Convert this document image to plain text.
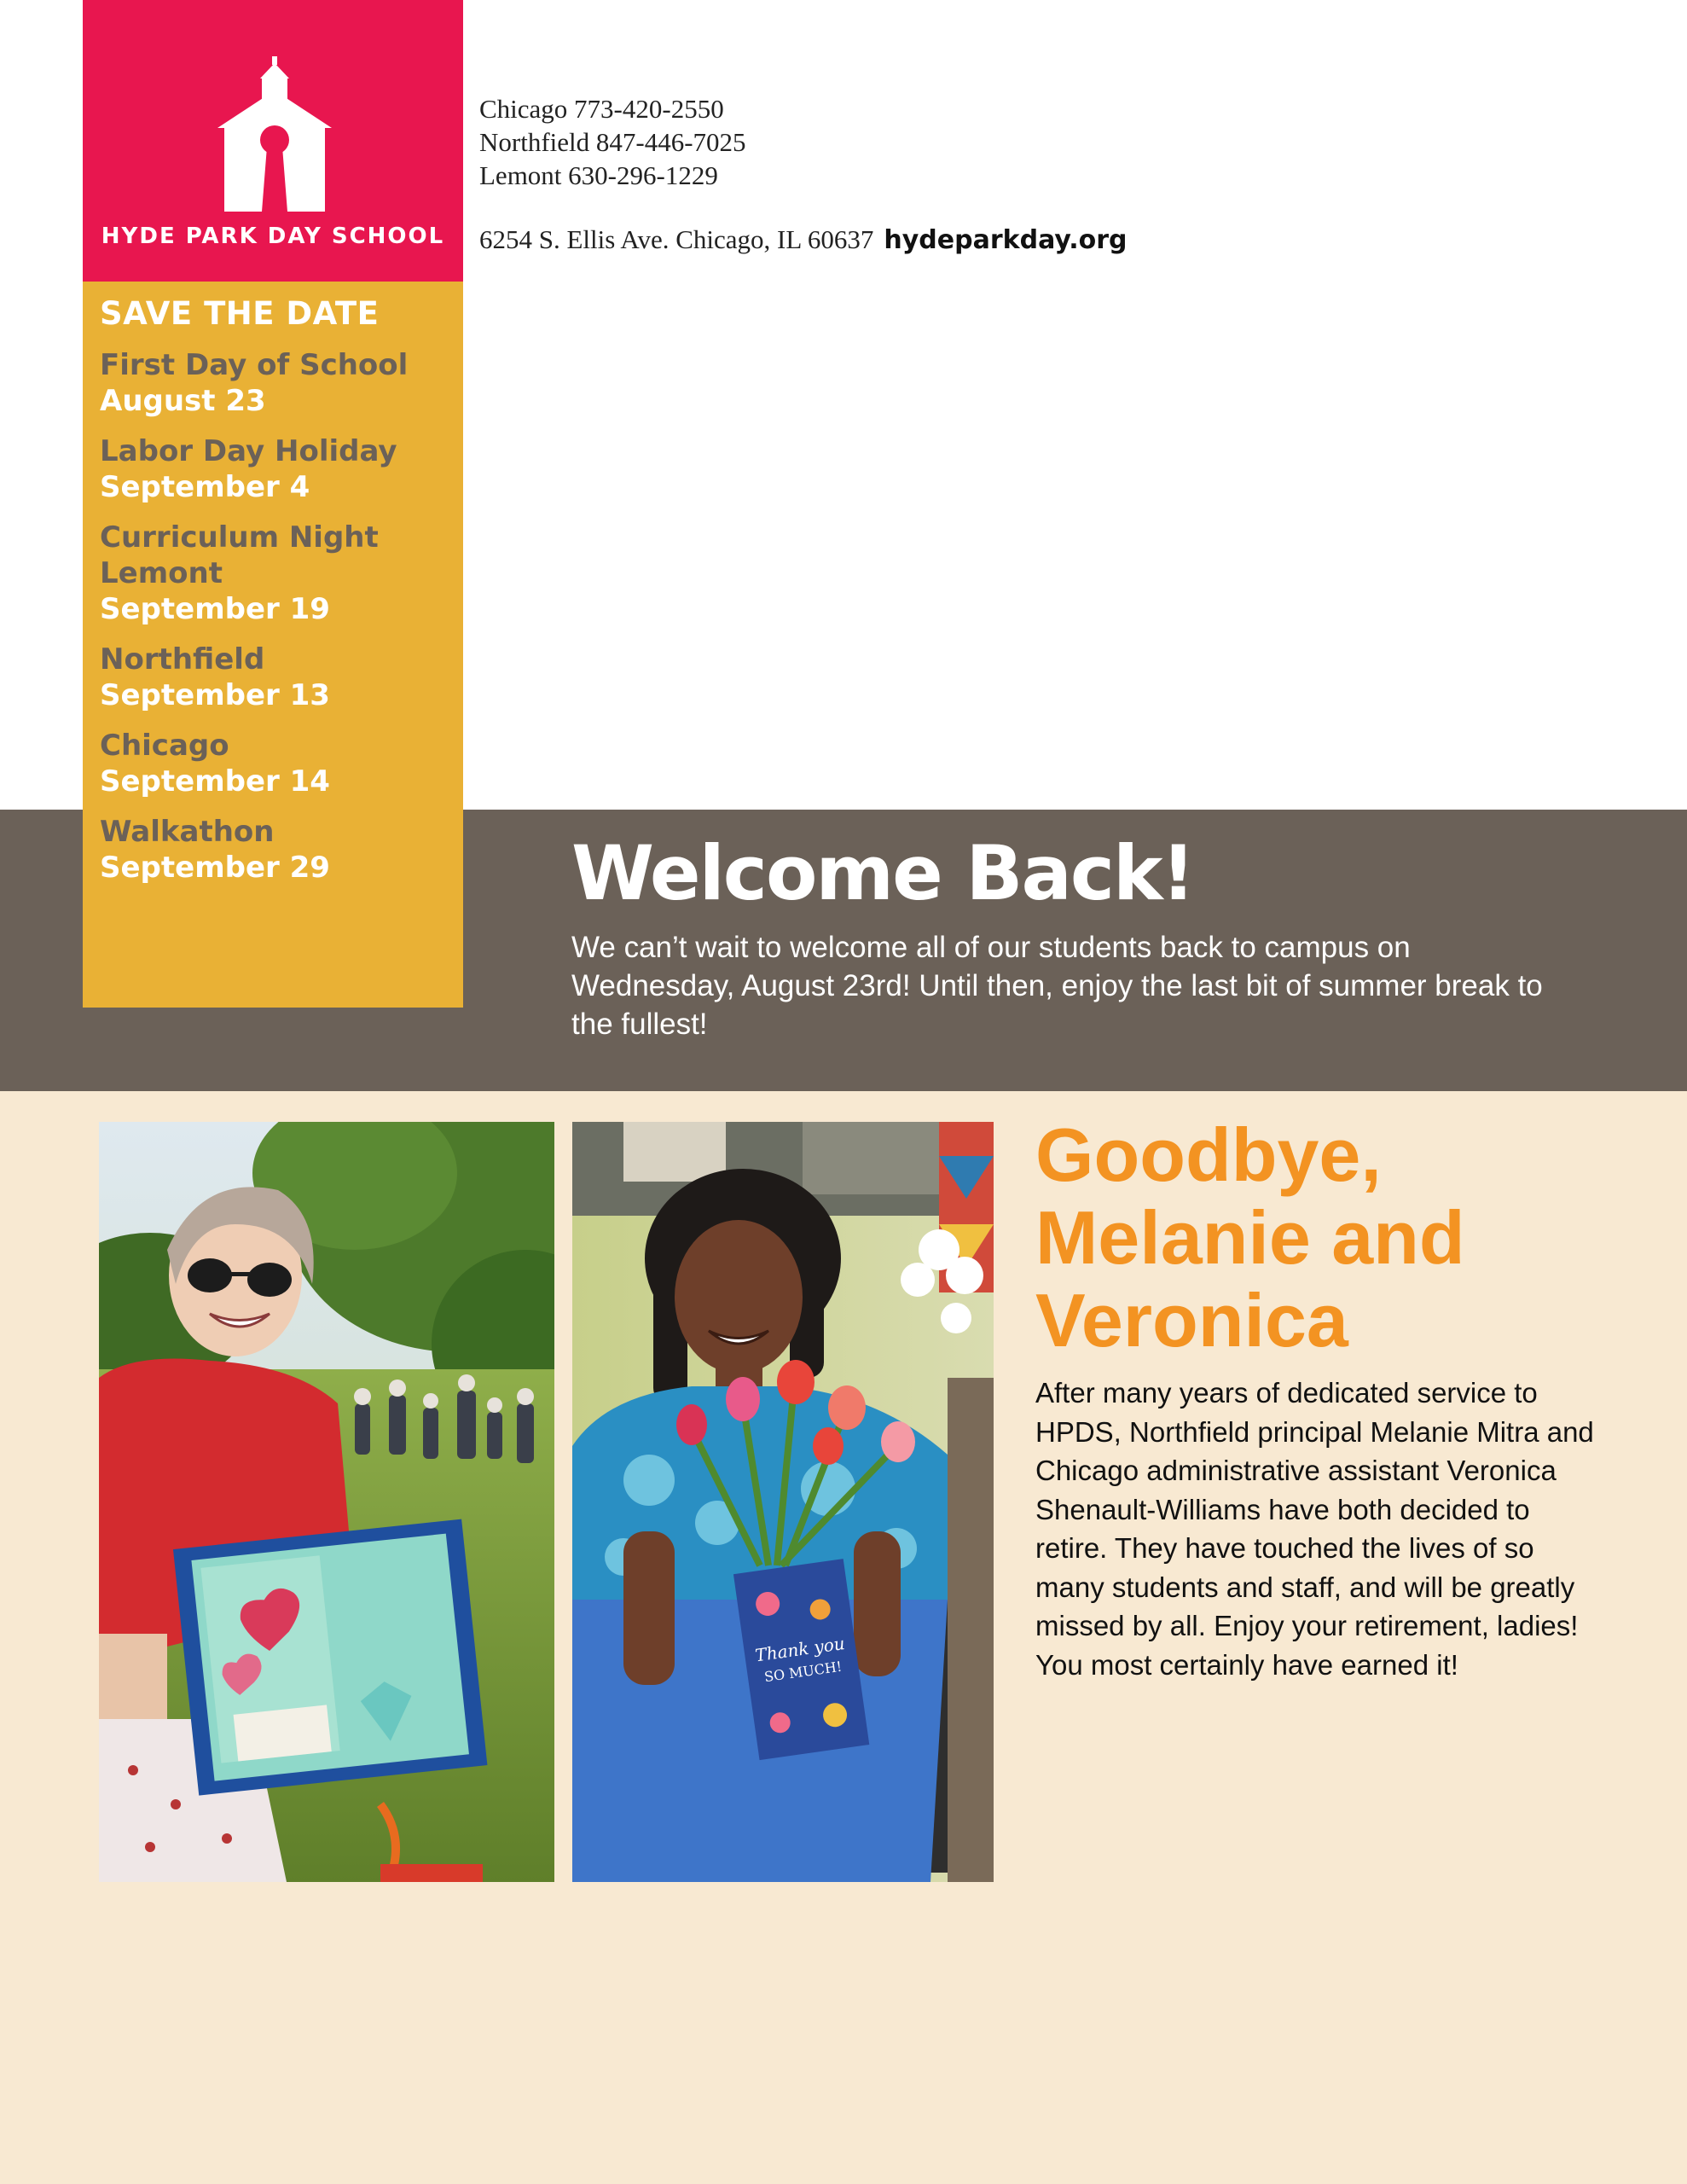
HYDE PARK DAY SCHOOL
SAVE THE DATE
First Day of School
August 23
Labor Day Holiday
September 4
Curriculum Night
Lemont
September 19
Northfield
September 13
Chicago
September 14
Walkathon
September 29
Chicago 773-420-2550
Northfield 847-446-7025
Lemont 630-296-1229
6254 S. Ellis Ave. Chicago, IL 60637 hydeparkday.org
Welcome Back!
We can’t wait to welcome all of our students back to campus on Wednesday, August 23rd! Until then, enjoy the last bit of summer break to the fullest!
Thank you
SO MUCH!
Goodbye, Melanie and Veronica
After many years of dedicated service to HPDS, Northfield principal Melanie Mitra and Chicago administrative assistant Veronica Shenault-Williams have both decided to retire. They have touched the lives of so many students and staff, and will be greatly missed by all. Enjoy your retirement, ladies! You most certainly have earned it!
